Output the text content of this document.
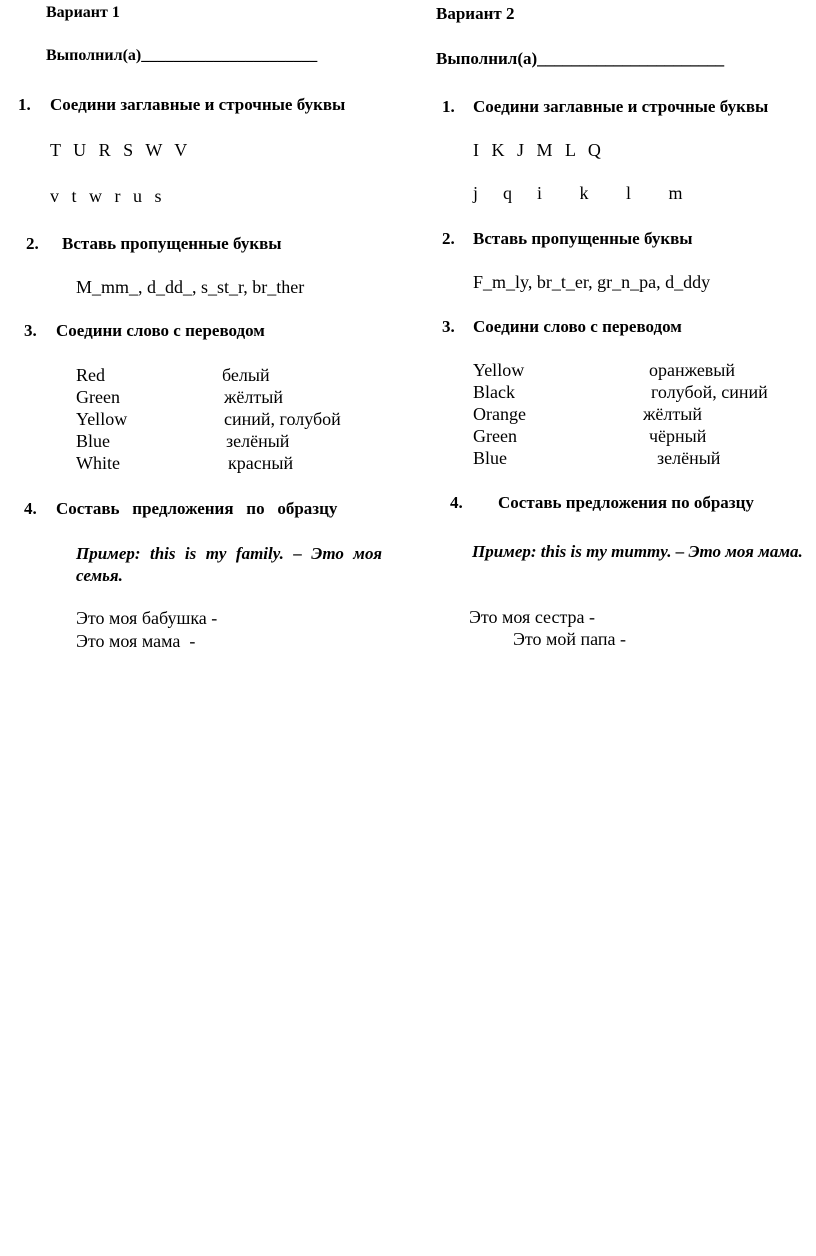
Вариант 1
Выполнил(а)______________________
1. Соедини заглавные и строчные буквы
T U R S W V
v t w r u s
2. Вставь пропущенные буквы
M_mm_, d_dd_, s_st_r, br_ther
3. Соедини слово с переводом
Red	белый
Green	жёлтый
Yellow	синий, голубой
Blue	зелёный
White	красный
4. Составь   предложения   по   образцу
Пример: this is my family. – Это моя семья.
Это моя бабушка -
Это моя мама  -
Вариант 2
Выполнил(а)______________________
1. Соедини заглавные и строчные буквы
I K J M L Q
j  q  i   k   l   m
2. Вставь пропущенные буквы
F_m_ly, br_t_er, gr_n_pa, d_ddy
3. Соедини слово с переводом
Yellow	оранжевый
Black	голубой, синий
Orange	жёлтый
Green	чёрный
Blue	зелёный
4. Составь предложения по образцу
Пример: this is my mummy. – Это моя мама.
Это моя сестра -
Это мой папа -
